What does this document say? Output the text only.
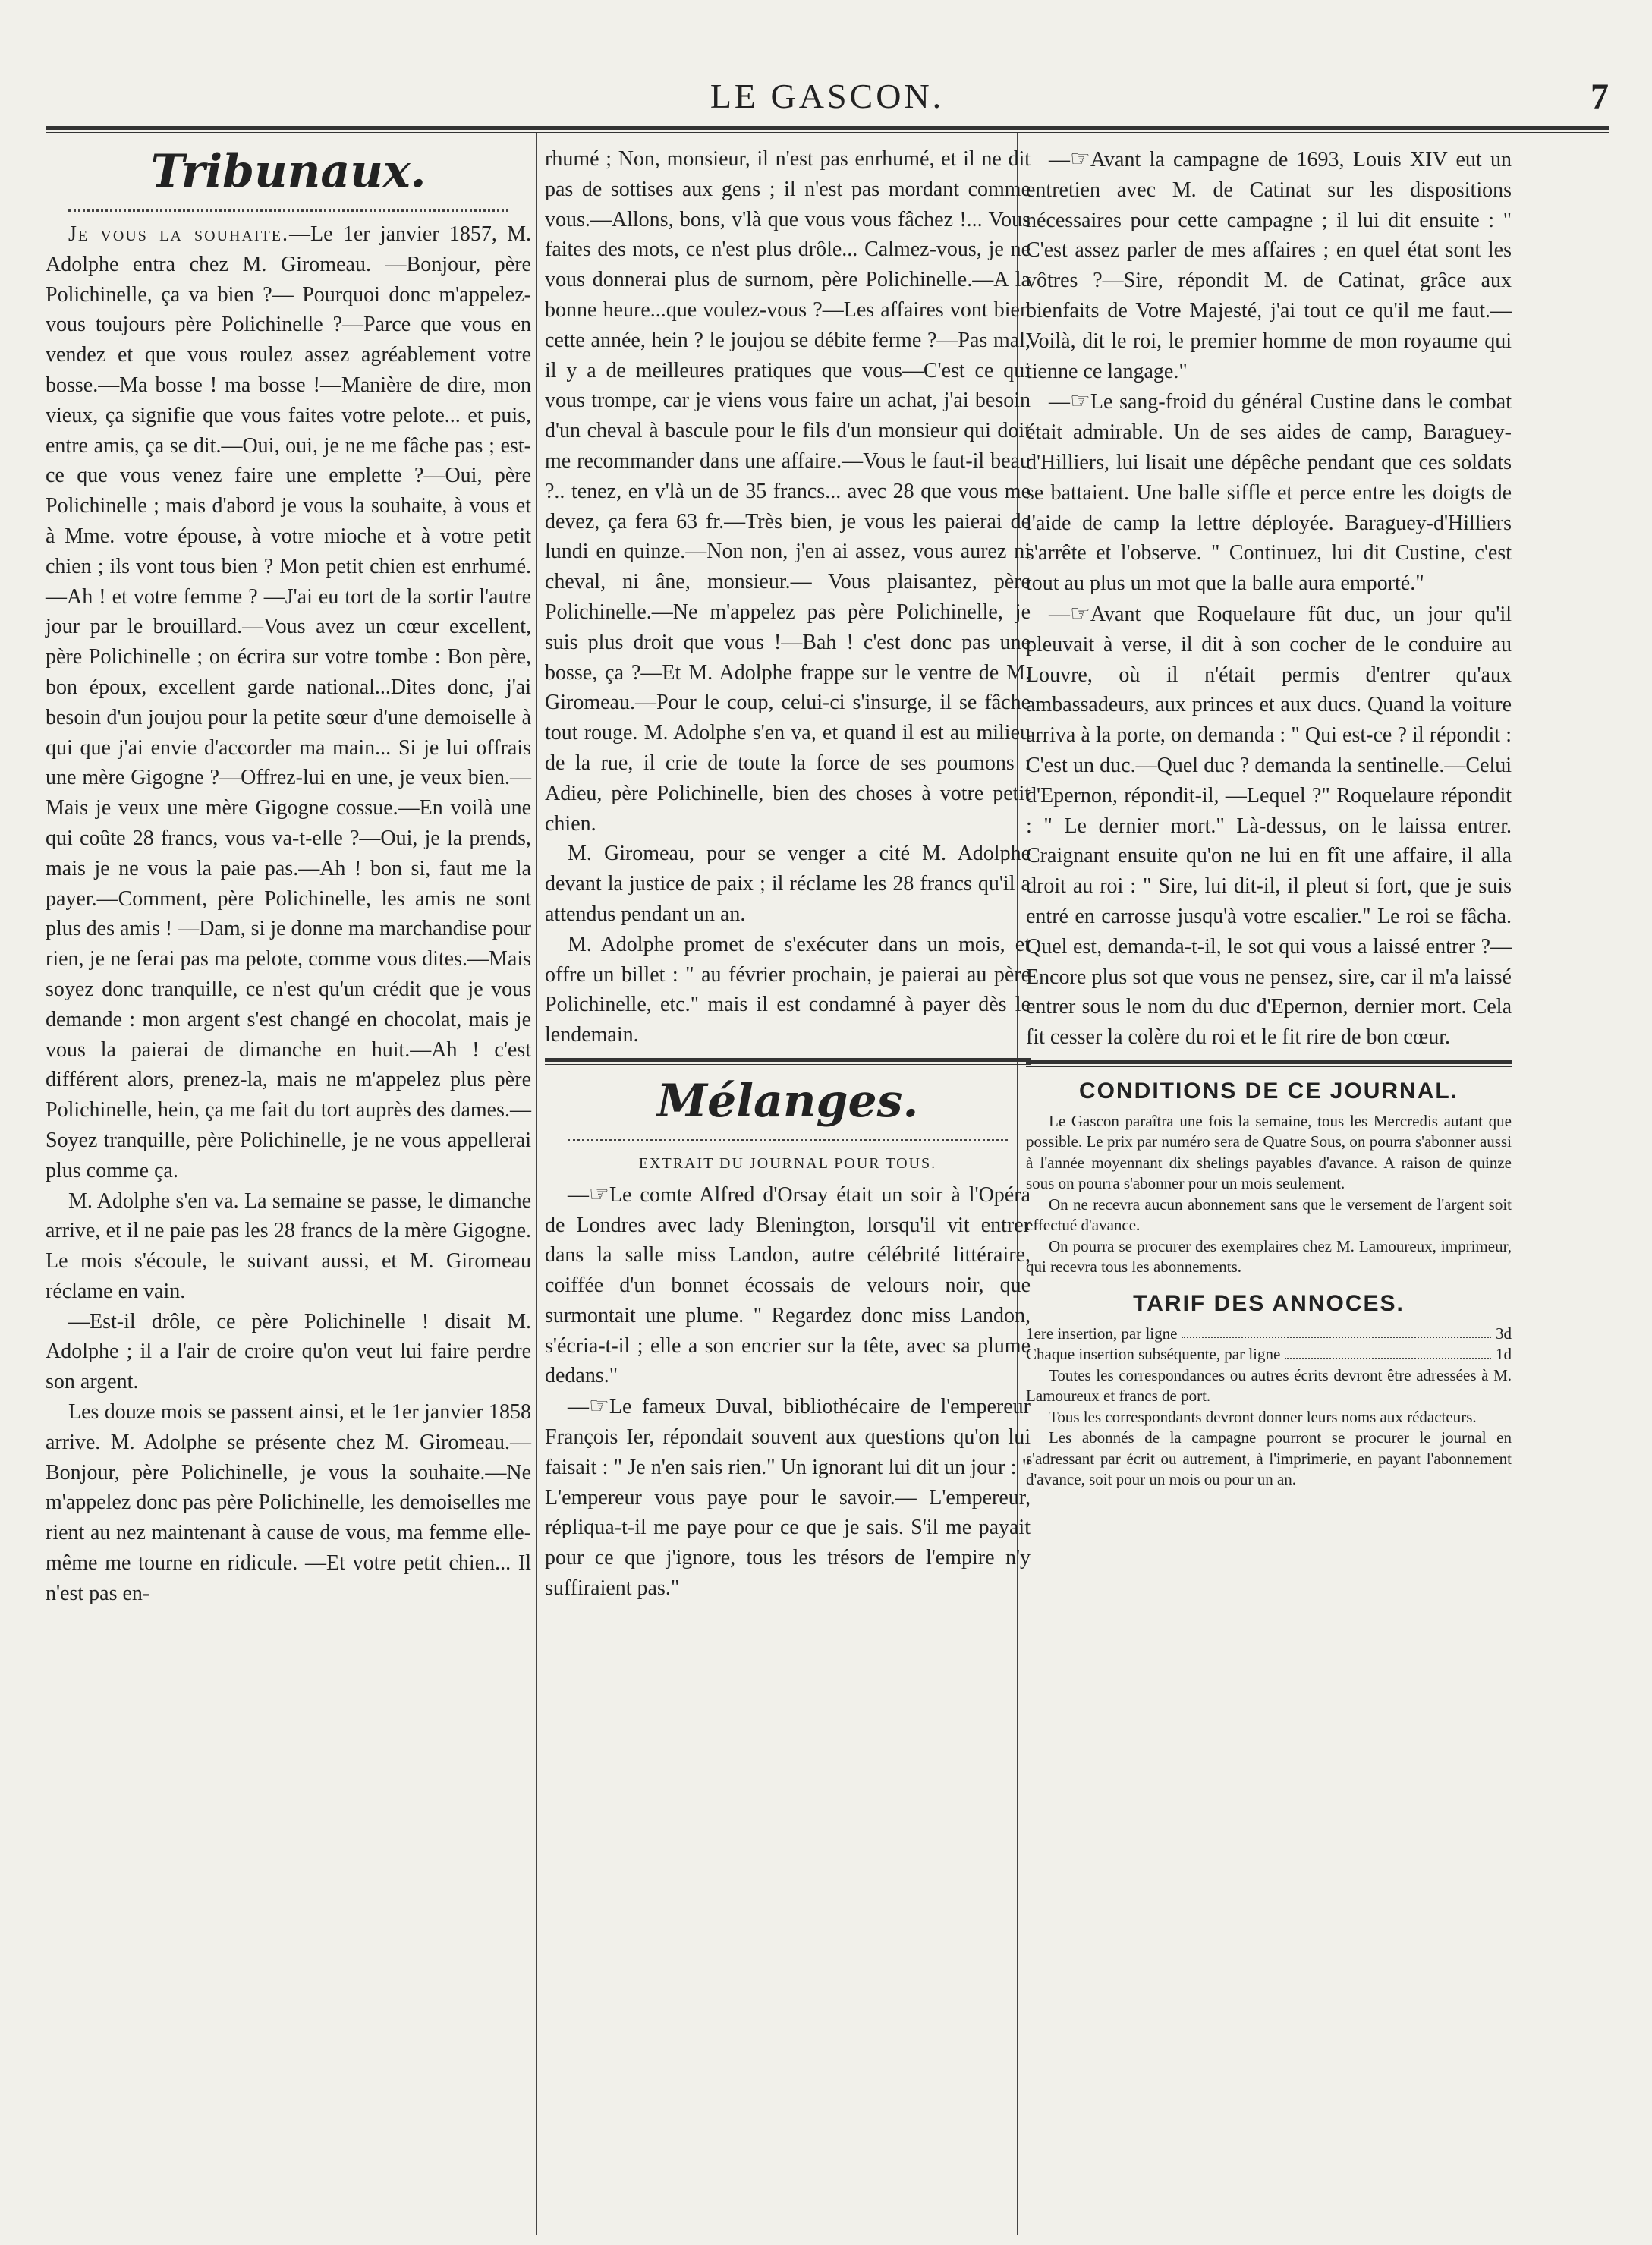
LE GASCON.	7
Tribunaux.

Je vous la souhaite.—Le 1er janvier 1857, M. Adolphe entra chez M. Giromeau. —Bonjour, père Polichinelle, ça va bien ?— Pourquoi donc m'appelez-vous toujours père Polichinelle ?—Parce que vous en vendez et que vous roulez assez agréablement votre bosse.—Ma bosse ! ma bosse !—Manière de dire, mon vieux, ça signifie que vous faites votre pelote... et puis, entre amis, ça se dit.—Oui, oui, je ne me fâche pas ; est-ce que vous venez faire une emplette ?—Oui, père Polichinelle ; mais d'abord je vous la souhaite, à vous et à Mme. votre épouse, à votre mioche et à votre petit chien ; ils vont tous bien ? Mon petit chien est enrhumé.—Ah ! et votre femme ? —J'ai eu tort de la sortir l'autre jour par le brouillard.—Vous avez un cœur excellent, père Polichinelle ; on écrira sur votre tombe : Bon père, bon époux, excellent garde national...Dites donc, j'ai besoin d'un joujou pour la petite sœur d'une demoiselle à qui que j'ai envie d'accorder ma main... Si je lui offrais une mère Gigogne ?—Offrez-lui en une, je veux bien.—Mais je veux une mère Gigogne cossue.—En voilà une qui coûte 28 francs, vous va-t-elle ?—Oui, je la prends, mais je ne vous la paie pas.—Ah ! bon si, faut me la payer.—Comment, père Polichinelle, les amis ne sont plus des amis ! —Dam, si je donne ma marchandise pour rien, je ne ferai pas ma pelote, comme vous dites.—Mais soyez donc tranquille, ce n'est qu'un crédit que je vous demande : mon argent s'est changé en chocolat, mais je vous la paierai de dimanche en huit.—Ah ! c'est différent alors, prenez-la, mais ne m'appelez plus père Polichinelle, hein, ça me fait du tort auprès des dames.—Soyez tranquille, père Polichinelle, je ne vous appellerai plus comme ça.

M. Adolphe s'en va. La semaine se passe, le dimanche arrive, et il ne paie pas les 28 francs de la mère Gigogne. Le mois s'écoule, le suivant aussi, et M. Giromeau réclame en vain.

—Est-il drôle, ce père Polichinelle ! disait M. Adolphe ; il a l'air de croire qu'on veut lui faire perdre son argent.

Les douze mois se passent ainsi, et le 1er janvier 1858 arrive. M. Adolphe se présente chez M. Giromeau.—Bonjour, père Polichinelle, je vous la souhaite.—Ne m'appelez donc pas père Polichinelle, les demoiselles me rient au nez maintenant à cause de vous, ma femme elle-même me tourne en ridicule. —Et votre petit chien... Il n'est pas en-

rhumé ; Non, monsieur, il n'est pas enrhumé, et il ne dit pas de sottises aux gens ; il n'est pas mordant comme vous.—Allons, bons, v'là que vous vous fâchez !... Vous faites des mots, ce n'est plus drôle... Calmez-vous, je ne vous donnerai plus de surnom, père Polichinelle.—A la bonne heure...que voulez-vous ?—Les affaires vont bien cette année, hein ? le joujou se débite ferme ?—Pas mal, il y a de meilleures pratiques que vous—C'est ce qui vous trompe, car je viens vous faire un achat, j'ai besoin d'un cheval à bascule pour le fils d'un monsieur qui doit me recommander dans une affaire.—Vous le faut-il beau ?.. tenez, en v'là un de 35 francs... avec 28 que vous me devez, ça fera 63 fr.—Très bien, je vous les paierai de lundi en quinze.—Non non, j'en ai assez, vous aurez ni cheval, ni âne, monsieur.— Vous plaisantez, père Polichinelle.—Ne m'appelez pas père Polichinelle, je suis plus droit que vous !—Bah ! c'est donc pas une bosse, ça ?—Et M. Adolphe frappe sur le ventre de M. Giromeau.—Pour le coup, celui-ci s'insurge, il se fâche tout rouge. M. Adolphe s'en va, et quand il est au milieu de la rue, il crie de toute la force de ses poumons : Adieu, père Polichinelle, bien des choses à votre petit chien.

M. Giromeau, pour se venger a cité M. Adolphe devant la justice de paix ; il réclame les 28 francs qu'il a attendus pendant un an.

M. Adolphe promet de s'exécuter dans un mois, et offre un billet : " au février prochain, je paierai au père Polichinelle, etc." mais il est condamné à payer dès le lendemain.

Mélanges.

EXTRAIT DU JOURNAL POUR TOUS.

—☞Le comte Alfred d'Orsay était un soir à l'Opéra de Londres avec lady Blenington, lorsqu'il vit entrer dans la salle miss Landon, autre célébrité littéraire, coiffée d'un bonnet écossais de velours noir, que surmontait une plume. " Regardez donc miss Landon, s'écria-t-il ; elle a son encrier sur la tête, avec sa plume dedans."

—☞Le fameux Duval, bibliothécaire de l'empereur François Ier, répondait souvent aux questions qu'on lui faisait : " Je n'en sais rien." Un ignorant lui dit un jour : " L'empereur vous paye pour le savoir.— L'empereur, répliqua-t-il me paye pour ce que je sais. S'il me payait pour ce que j'ignore, tous les trésors de l'empire n'y suffiraient pas."

—☞Avant la campagne de 1693, Louis XIV eut un entretien avec M. de Catinat sur les dispositions nécessaires pour cette campagne ; il lui dit ensuite : " C'est assez parler de mes affaires ; en quel état sont les vôtres ?—Sire, répondit M. de Catinat, grâce aux bienfaits de Votre Majesté, j'ai tout ce qu'il me faut.—Voilà, dit le roi, le premier homme de mon royaume qui tienne ce langage."

—☞Le sang-froid du général Custine dans le combat était admirable. Un de ses aides de camp, Baraguey-d'Hilliers, lui lisait une dépêche pendant que ces soldats se battaient. Une balle siffle et perce entre les doigts de l'aide de camp la lettre déployée. Baraguey-d'Hilliers s'arrête et l'observe. " Continuez, lui dit Custine, c'est tout au plus un mot que la balle aura emporté."

—☞Avant que Roquelaure fût duc, un jour qu'il pleuvait à verse, il dit à son cocher de le conduire au Louvre, où il n'était permis d'entrer qu'aux ambassadeurs, aux princes et aux ducs. Quand la voiture arriva à la porte, on demanda : " Qui est-ce ? il répondit : C'est un duc.—Quel duc ? demanda la sentinelle.—Celui d'Epernon, répondit-il, —Lequel ?" Roquelaure répondit : " Le dernier mort." Là-dessus, on le laissa entrer. Craignant ensuite qu'on ne lui en fît une affaire, il alla droit au roi : " Sire, lui dit-il, il pleut si fort, que je suis entré en carrosse jusqu'à votre escalier." Le roi se fâcha. Quel est, demanda-t-il, le sot qui vous a laissé entrer ?—Encore plus sot que vous ne pensez, sire, car il m'a laissé entrer sous le nom du duc d'Epernon, dernier mort. Cela fit cesser la colère du roi et le fit rire de bon cœur.

CONDITIONS DE CE JOURNAL.

Le Gascon paraîtra une fois la semaine, tous les Mercredis autant que possible. Le prix par numéro sera de Quatre Sous, on pourra s'abonner aussi à l'année moyennant dix shelings payables d'avance. A raison de quinze sous on pourra s'abonner pour un mois seulement.

On ne recevra aucun abonnement sans que le versement de l'argent soit effectué d'avance.

On pourra se procurer des exemplaires chez M. Lamoureux, imprimeur, qui recevra tous les abonnements.

TARIF DES ANNOCES.
1ere insertion, par ligne	3d
Chaque insertion subséquente, par ligne	1d

Toutes les correspondances ou autres écrits devront être adressées à M. Lamoureux et francs de port.

Tous les correspondants devront donner leurs noms aux rédacteurs.

Les abonnés de la campagne pourront se procurer le journal en s'adressant par écrit ou autrement, à l'imprimerie, en payant l'abonnement d'avance, soit pour un mois ou pour un an.
